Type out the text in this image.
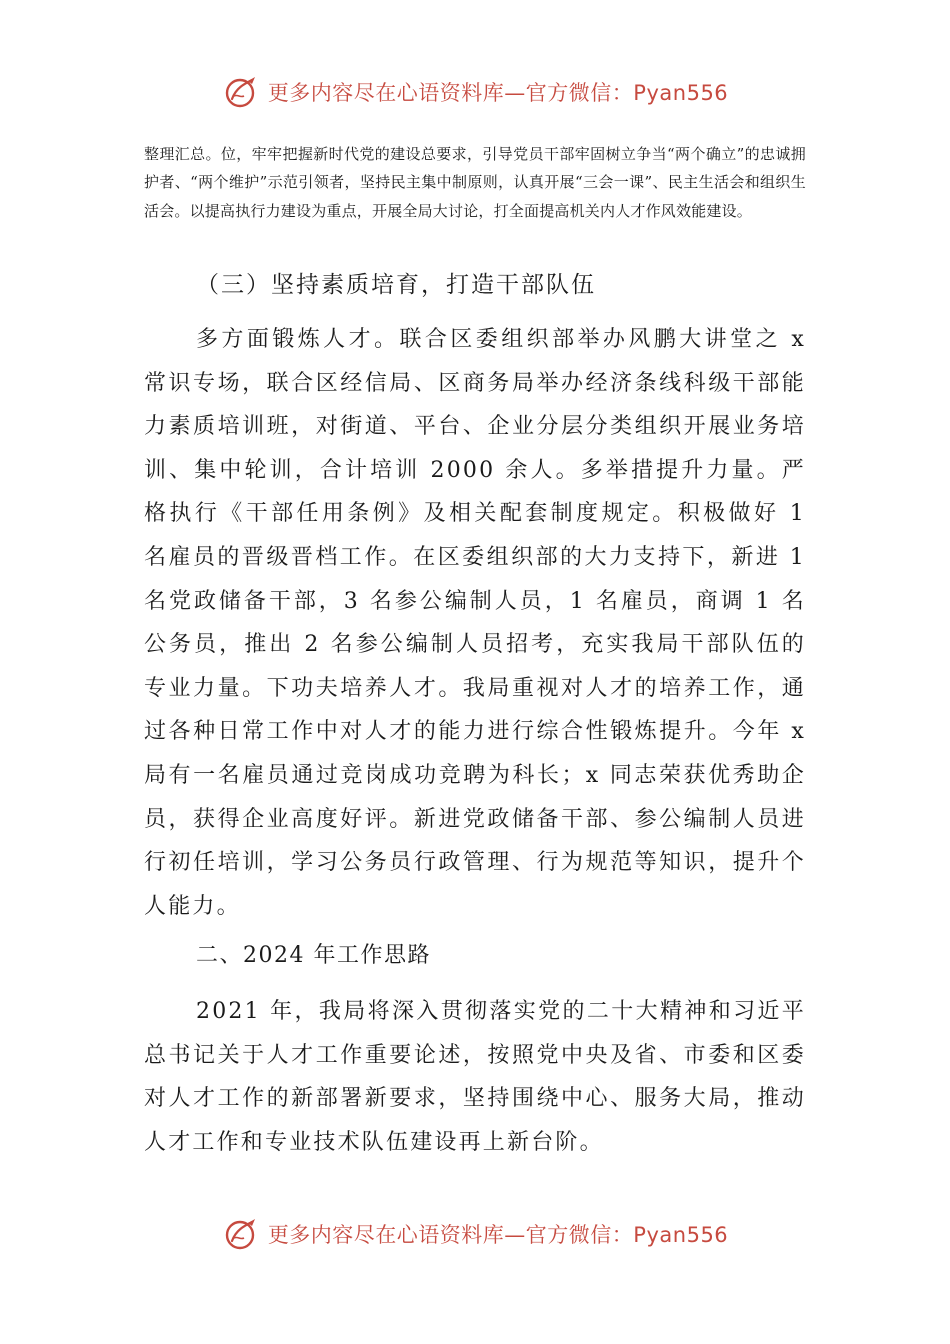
更多内容尽在心语资料库—官方微信：Pyan556
整理汇总。位，牢牢把握新时代党的建设总要求，引导党员干部牢固树立争当“两个确立”的忠诚拥护者、“两个维护”示范引领者，坚持民主集中制原则，认真开展“三会一课”、民主生活会和组织生活会。以提高执行力建设为重点，开展全局大讨论，打全面提高机关内人才作风效能建设。
（三）坚持素质培育，打造干部队伍
多方面锻炼人才。联合区委组织部举办风鹏大讲堂之 x 常识专场，联合区经信局、区商务局举办经济条线科级干部能力素质培训班，对街道、平台、企业分层分类组织开展业务培训、集中轮训，合计培训 2000 余人。多举措提升力量。严格执行《干部任用条例》及相关配套制度规定。积极做好 1 名雇员的晋级晋档工作。在区委组织部的大力支持下，新进 1 名党政储备干部，3 名参公编制人员，1 名雇员，商调 1 名公务员，推出 2 名参公编制人员招考，充实我局干部队伍的专业力量。下功夫培养人才。我局重视对人才的培养工作，通过各种日常工作中对人才的能力进行综合性锻炼提升。今年 x 局有一名雇员通过竞岗成功竞聘为科长；x 同志荣获优秀助企员，获得企业高度好评。新进党政储备干部、参公编制人员进行初任培训，学习公务员行政管理、行为规范等知识，提升个人能力。
二、2024 年工作思路
2021 年，我局将深入贯彻落实党的二十大精神和习近平总书记关于人才工作重要论述，按照党中央及省、市委和区委对人才工作的新部署新要求，坚持围绕中心、服务大局，推动人才工作和专业技术队伍建设再上新台阶。
更多内容尽在心语资料库—官方微信：Pyan556
